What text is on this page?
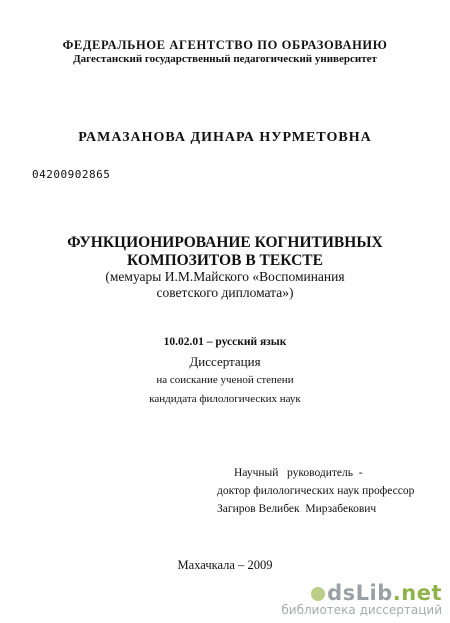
ФЕДЕРАЛЬНОЕ АГЕНТСТВО ПО ОБРАЗОВАНИЮ
Дагестанский государственный педагогический университет
РАМАЗАНОВА ДИНАРА НУРМЕТОВНА
04200902865
ФУНКЦИОНИРОВАНИЕ КОГНИТИВНЫХ
КОМПОЗИТОВ В ТЕКСТЕ
(мемуары И.М.Майского «Воспоминания
советского дипломата»)
10.02.01 – русский язык
Диссертация
на соискание ученой степени
кандидата филологических наук
Научный   руководитель  -
доктор филологических наук профессор
Загиров Велибек  Мирзабекович
Махачкала – 2009
dsLib.net
библиотека диссертаций
